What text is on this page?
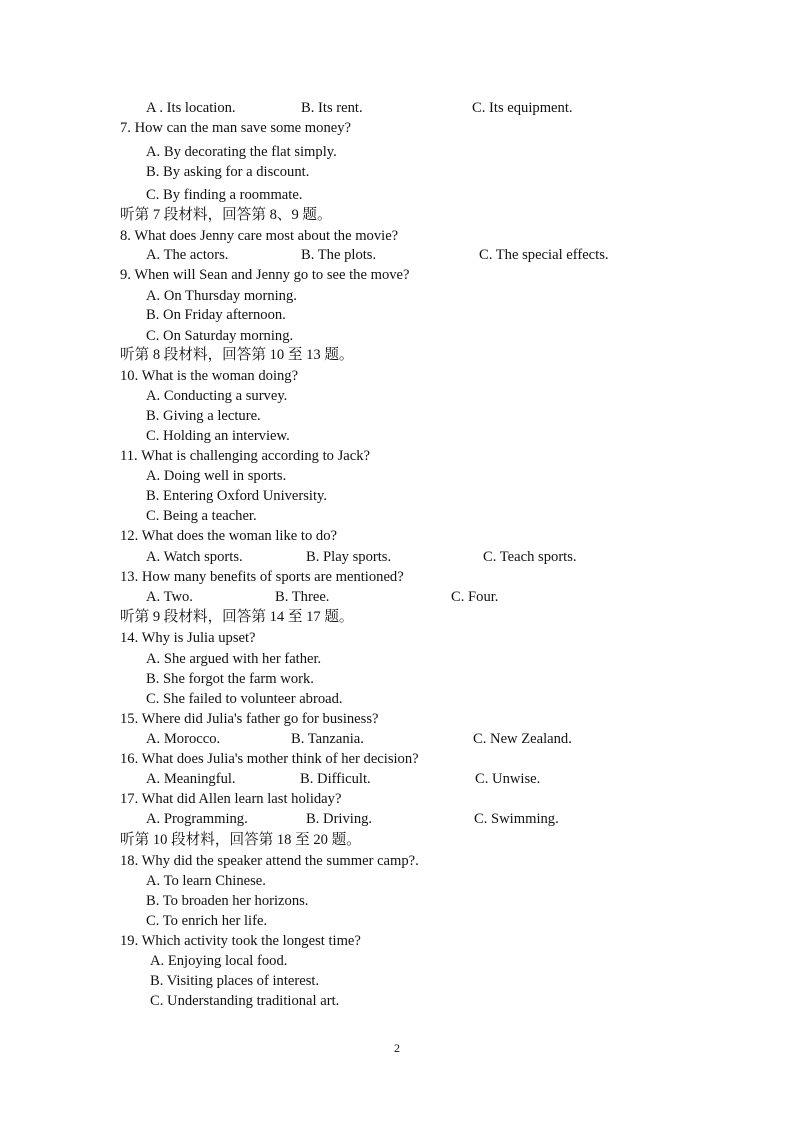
A . Its location.	B. Its rent.	C. Its equipment.
7. How can the man save some money?
A. By decorating the flat simply.
B. By asking for a discount.
C. By finding a roommate.
听第 7 段材料，回答第 8、9 题。
8. What does Jenny care most about the movie?
A. The actors.	B. The plots.	C. The special effects.
9. When will Sean and Jenny go to see the move?
A. On Thursday morning.
B. On Friday afternoon.
C. On Saturday morning.
听第 8 段材料，回答第 10 至 13 题。
10. What is the woman doing?
A. Conducting a survey.
B. Giving a lecture.
C. Holding an interview.
11. What is challenging according to Jack?
A. Doing well in sports.
B. Entering Oxford University.
C. Being a teacher.
12. What does the woman like to do?
A. Watch sports.	B. Play sports.	C. Teach sports.
13. How many benefits of sports are mentioned?
A. Two.	B. Three.	C. Four.
听第 9 段材料，回答第 14 至 17 题。
14. Why is Julia upset?
A. She argued with her father.
B. She forgot the farm work.
C. She failed to volunteer abroad.
15. Where did Julia's father go for business?
A. Morocco.	B. Tanzania.	C. New Zealand.
16. What does Julia's mother think of her decision?
A. Meaningful.	B. Difficult.	C. Unwise.
17. What did Allen learn last holiday?
A. Programming.	B. Driving.	C. Swimming.
听第 10 段材料，回答第 18 至 20 题。
18. Why did the speaker attend the summer camp?.
A. To learn Chinese.
B. To broaden her horizons.
C. To enrich her life.
19. Which activity took the longest time?
A. Enjoying local food.
B. Visiting places of interest.
C. Understanding traditional art.
2
